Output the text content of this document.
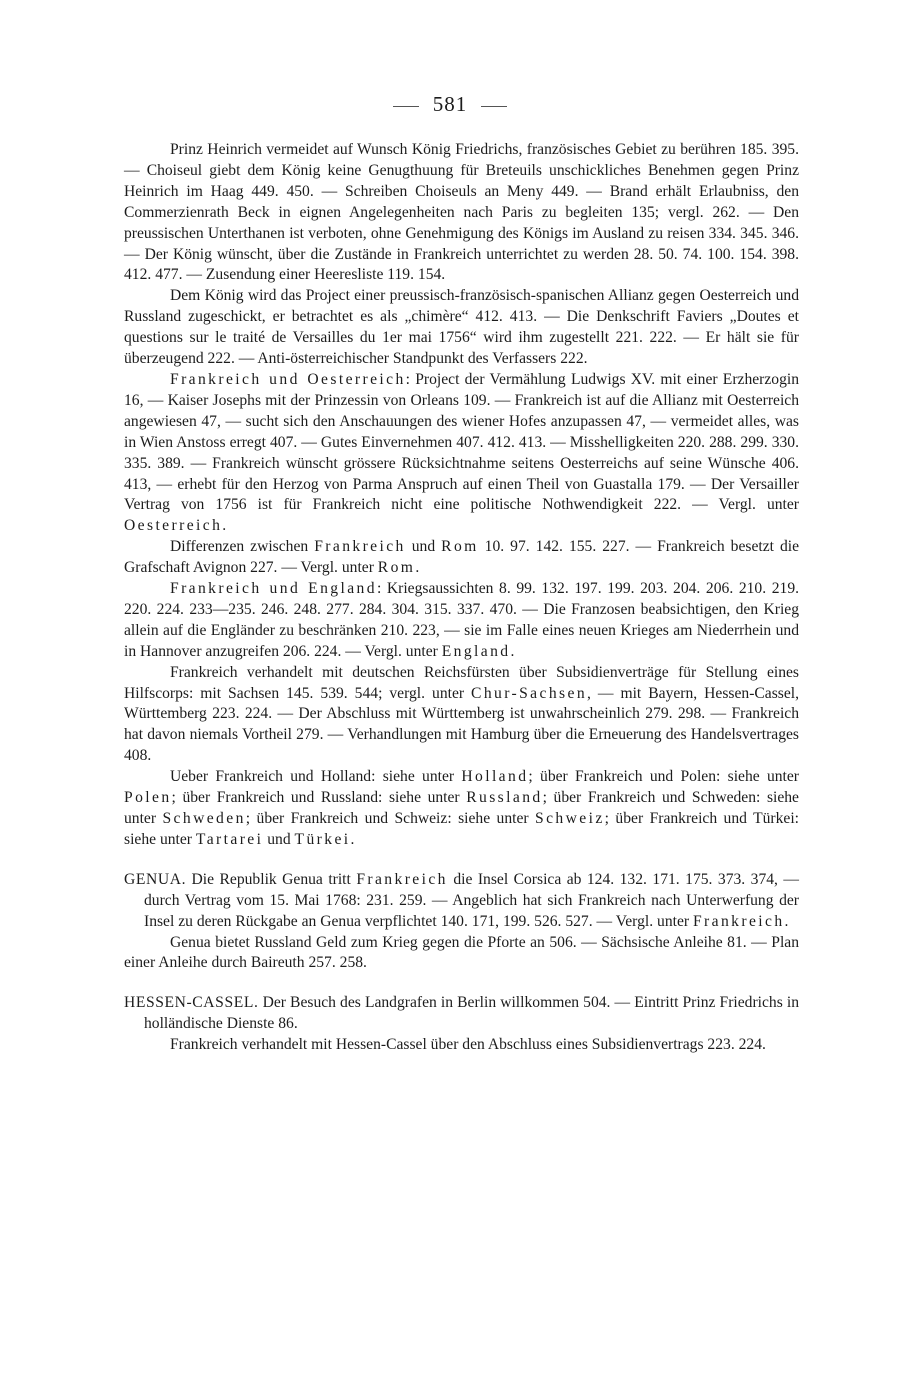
581

Prinz Heinrich vermeidet auf Wunsch König Friedrichs, französisches Gebiet zu berühren 185. 395. — Choiseul giebt dem König keine Genugthuung für Breteuils unschickliches Benehmen gegen Prinz Heinrich im Haag 449. 450. — Schreiben Choiseuls an Meny 449. — Brand erhält Erlaubniss, den Commerzienrath Beck in eignen Angelegenheiten nach Paris zu begleiten 135; vergl. 262. — Den preussischen Unterthanen ist verboten, ohne Genehmigung des Königs im Ausland zu reisen 334. 345. 346. — Der König wünscht, über die Zustände in Frankreich unterrichtet zu werden 28. 50. 74. 100. 154. 398. 412. 477. — Zusendung einer Heeresliste 119. 154.

Dem König wird das Project einer preussisch-französisch-spanischen Allianz gegen Oesterreich und Russland zugeschickt, er betrachtet es als „chimère“ 412. 413. — Die Denkschrift Faviers „Doutes et questions sur le traité de Versailles du 1er mai 1756“ wird ihm zugestellt 221. 222. — Er hält sie für überzeugend 222. — Anti-österreichischer Standpunkt des Verfassers 222.

Frankreich und Oesterreich: Project der Vermählung Ludwigs XV. mit einer Erzherzogin 16, — Kaiser Josephs mit der Prinzessin von Orleans 109. — Frankreich ist auf die Allianz mit Oesterreich angewiesen 47, — sucht sich den Anschauungen des wiener Hofes anzupassen 47, — vermeidet alles, was in Wien Anstoss erregt 407. — Gutes Einvernehmen 407. 412. 413. — Misshelligkeiten 220. 288. 299. 330. 335. 389. — Frankreich wünscht grössere Rücksichtnahme seitens Oesterreichs auf seine Wünsche 406. 413, — erhebt für den Herzog von Parma Anspruch auf einen Theil von Guastalla 179. — Der Versailler Vertrag von 1756 ist für Frankreich nicht eine politische Nothwendigkeit 222. — Vergl. unter Oesterreich.

Differenzen zwischen Frankreich und Rom 10. 97. 142. 155. 227. — Frankreich besetzt die Grafschaft Avignon 227. — Vergl. unter Rom.

Frankreich und England: Kriegsaussichten 8. 99. 132. 197. 199. 203. 204. 206. 210. 219. 220. 224. 233—235. 246. 248. 277. 284. 304. 315. 337. 470. — Die Franzosen beabsichtigen, den Krieg allein auf die Engländer zu beschränken 210. 223, — sie im Falle eines neuen Krieges am Niederrhein und in Hannover anzugreifen 206. 224. — Vergl. unter England.

Frankreich verhandelt mit deutschen Reichsfürsten über Subsidienverträge für Stellung eines Hilfscorps: mit Sachsen 145. 539. 544; vergl. unter Chur-Sachsen, — mit Bayern, Hessen-Cassel, Württemberg 223. 224. — Der Abschluss mit Württemberg ist unwahrscheinlich 279. 298. — Frankreich hat davon niemals Vortheil 279. — Verhandlungen mit Hamburg über die Erneuerung des Handelsvertrages 408.

Ueber Frankreich und Holland: siehe unter Holland; über Frankreich und Polen: siehe unter Polen; über Frankreich und Russland: siehe unter Russland; über Frankreich und Schweden: siehe unter Schweden; über Frankreich und Schweiz: siehe unter Schweiz; über Frankreich und Türkei: siehe unter Tartarei und Türkei.

GENUA. Die Republik Genua tritt Frankreich die Insel Corsica ab 124. 132. 171. 175. 373. 374, — durch Vertrag vom 15. Mai 1768: 231. 259. — Angeblich hat sich Frankreich nach Unterwerfung der Insel zu deren Rückgabe an Genua verpflichtet 140. 171, 199. 526. 527. — Vergl. unter Frankreich.

Genua bietet Russland Geld zum Krieg gegen die Pforte an 506. — Sächsische Anleihe 81. — Plan einer Anleihe durch Baireuth 257. 258.

HESSEN-CASSEL. Der Besuch des Landgrafen in Berlin willkommen 504. — Eintritt Prinz Friedrichs in holländische Dienste 86.

Frankreich verhandelt mit Hessen-Cassel über den Abschluss eines Subsidienvertrags 223. 224.
